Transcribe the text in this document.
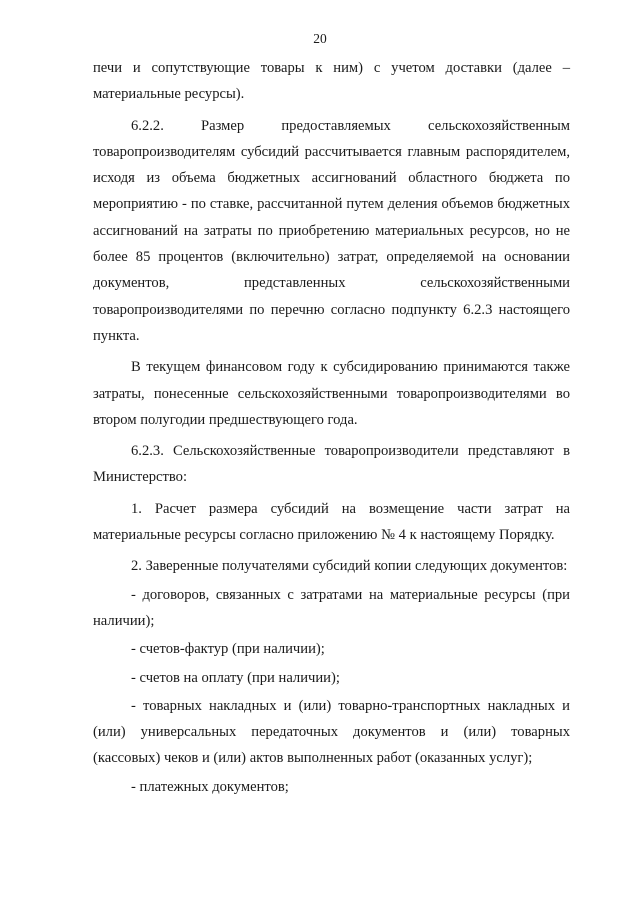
20

печи и сопутствующие товары к ним) с учетом доставки (далее – материальные ресурсы).

6.2.2. Размер предоставляемых сельскохозяйственным товаропроизводителям субсидий рассчитывается главным распорядителем, исходя из объема бюджетных ассигнований областного бюджета по мероприятию - по ставке, рассчитанной путем деления объемов бюджетных ассигнований на затраты по приобретению материальных ресурсов, но не более 85 процентов (включительно) затрат, определяемой на основании документов, представленных сельскохозяйственными товаропроизводителями по перечню согласно подпункту 6.2.3 настоящего пункта.

В текущем финансовом году к субсидированию принимаются также затраты, понесенные сельскохозяйственными товаропроизводителями во втором полугодии предшествующего года.

6.2.3. Сельскохозяйственные товаропроизводители представляют в Министерство:

1. Расчет размера субсидий на возмещение части затрат на материальные ресурсы согласно приложению № 4 к настоящему Порядку.

2. Заверенные получателями субсидий копии следующих документов:

- договоров, связанных с затратами на материальные ресурсы (при наличии);

- счетов-фактур (при наличии);

- счетов на оплату (при наличии);

- товарных накладных и (или) товарно-транспортных накладных и (или) универсальных передаточных документов и (или) товарных (кассовых) чеков и (или) актов выполненных работ (оказанных услуг);

- платежных документов;
